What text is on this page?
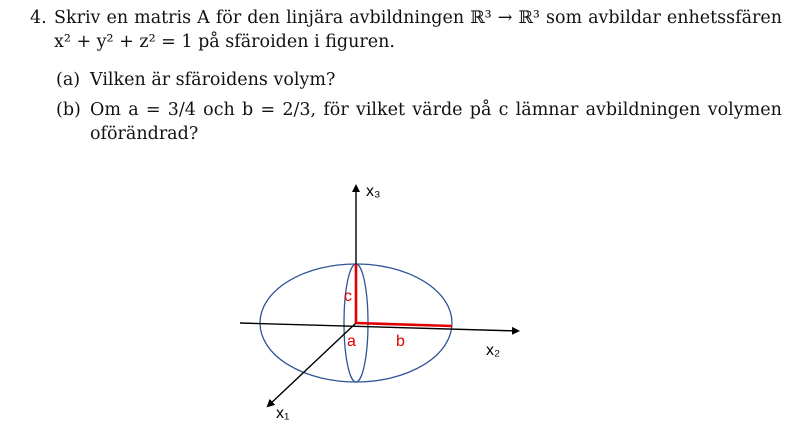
4. Skriv en matris A för den linjära avbildningen ℝ³ → ℝ³ som avbildar enhetssfären
x² + y² + z² = 1 på sfäroiden i figuren.
(a) Vilken är sfäroidens volym?
(b) Om a = 3/4 och b = 2/3, för vilket värde på c lämnar avbildningen volymen
oförändrad?
x₃
x₂
x₁
c
a	b
